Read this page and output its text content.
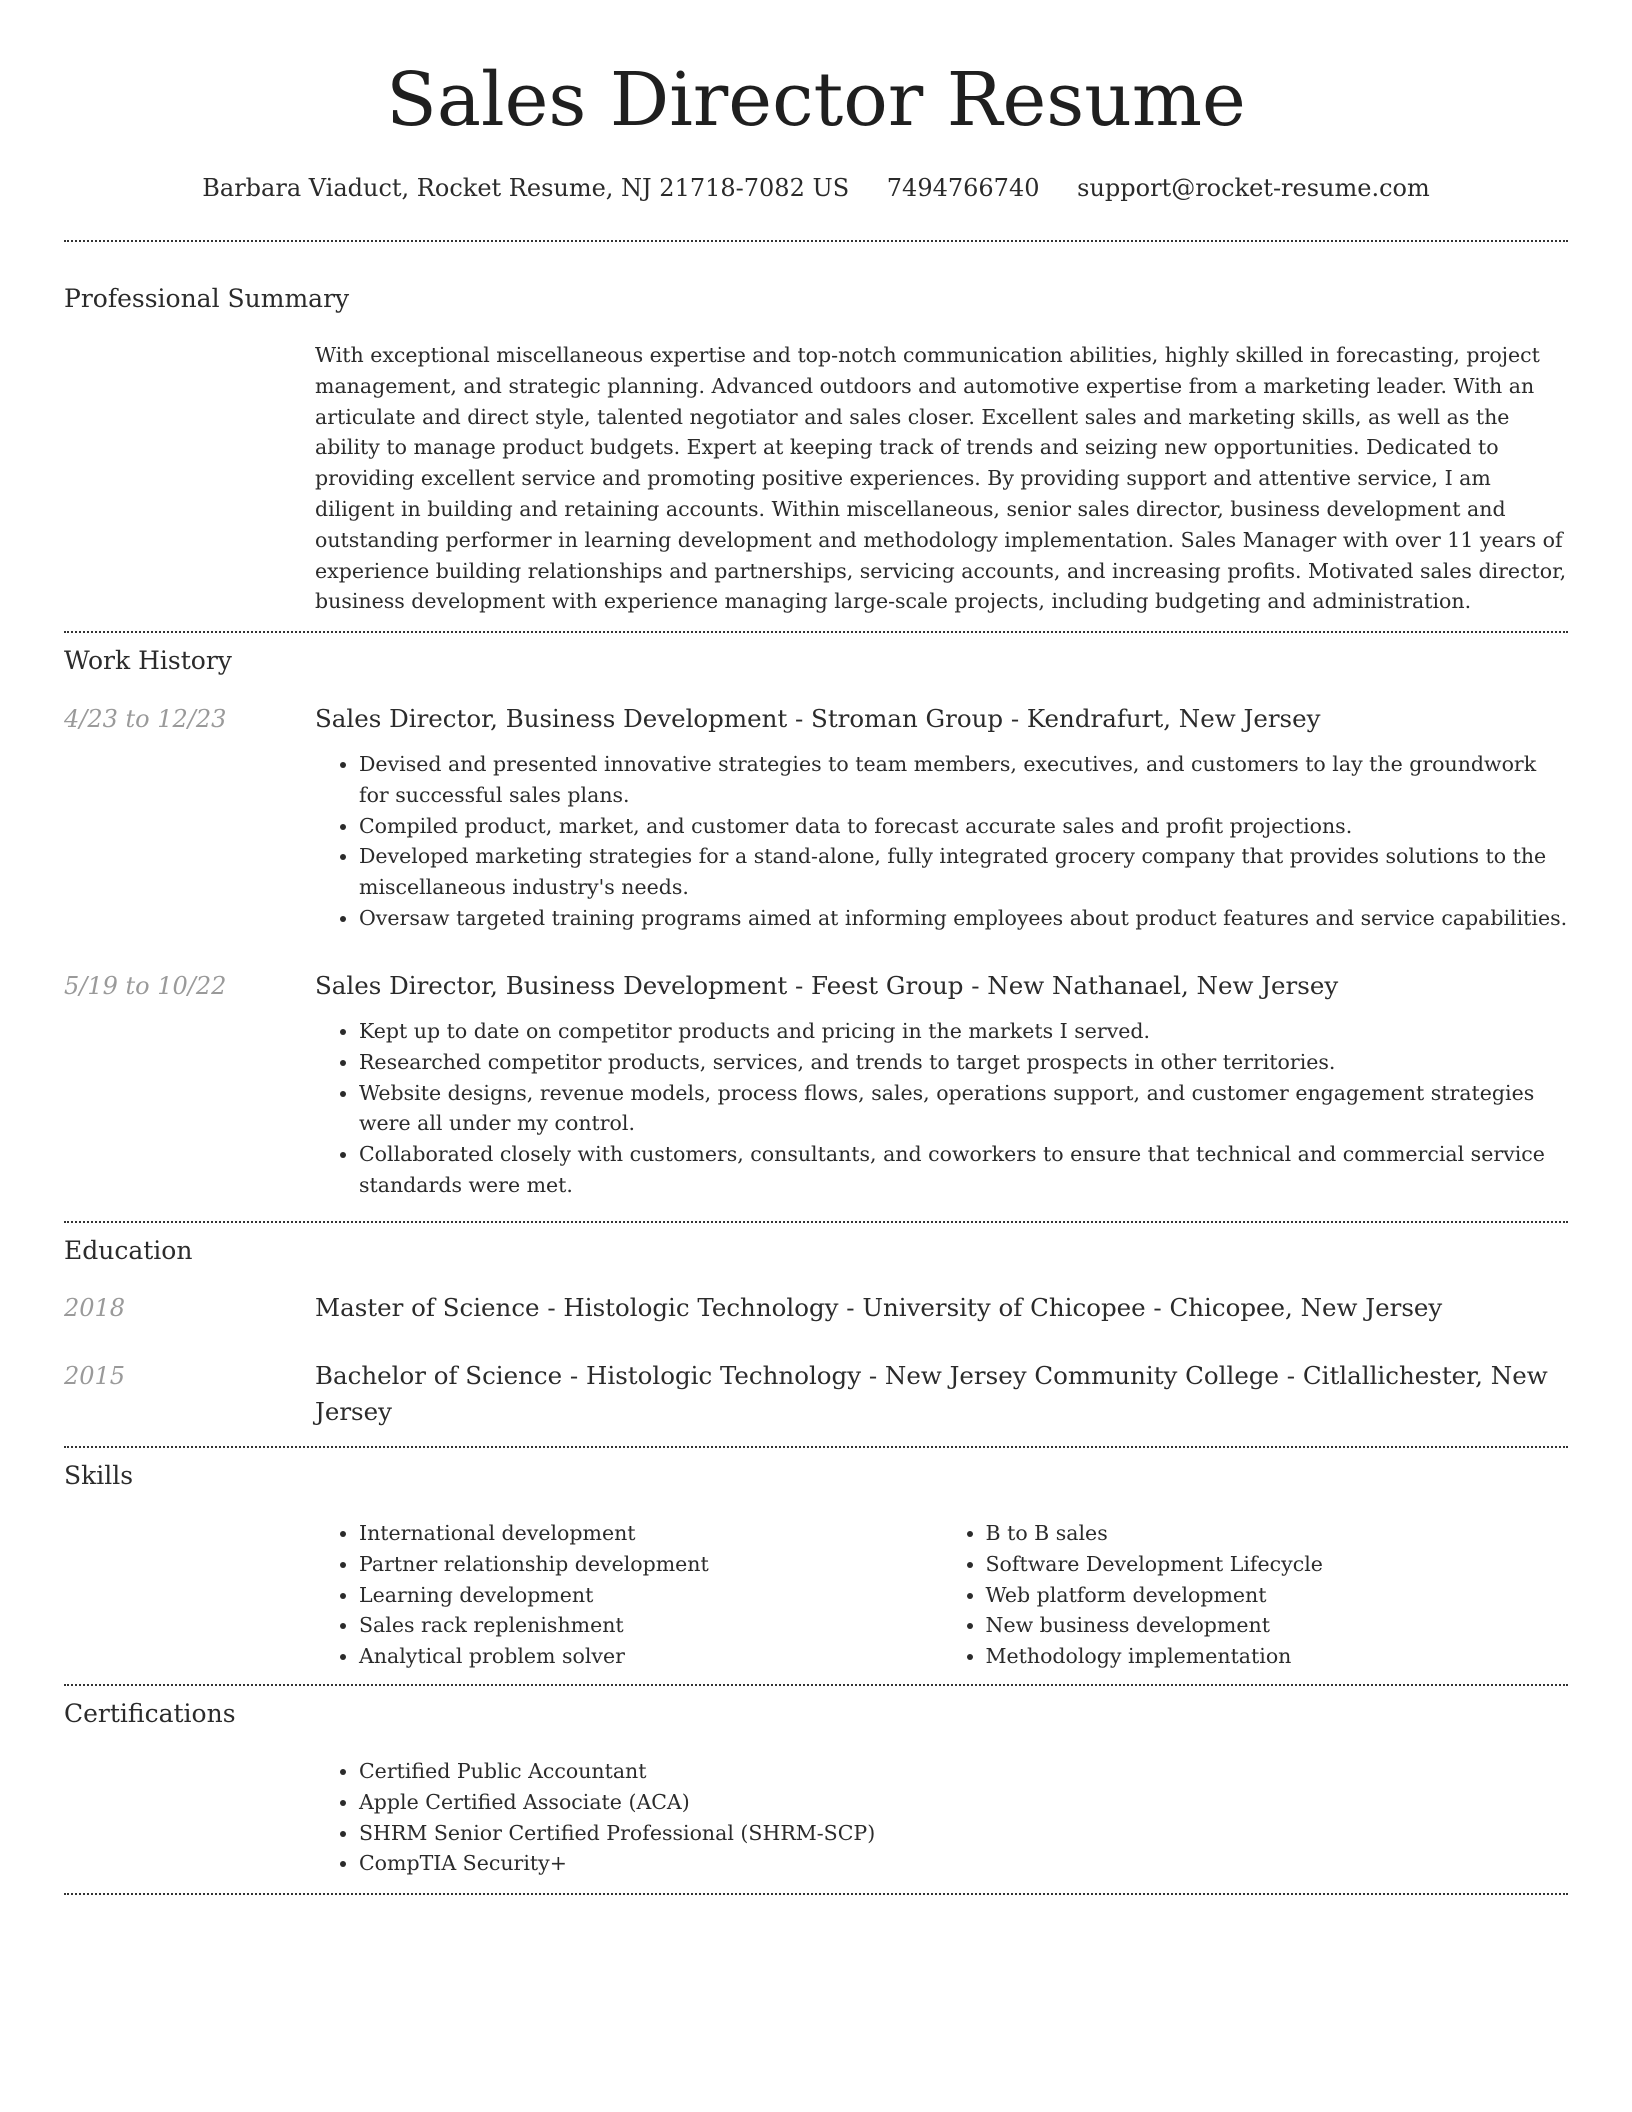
Sales Director Resume
Barbara Viaduct, Rocket Resume, NJ 21718-7082 US 7494766740 support@rocket-resume.com
Professional Summary

With exceptional miscellaneous expertise and top-notch communication abilities, highly skilled in forecasting, project management, and strategic planning. Advanced outdoors and automotive expertise from a marketing leader. With an articulate and direct style, talented negotiator and sales closer. Excellent sales and marketing skills, as well as the ability to manage product budgets. Expert at keeping track of trends and seizing new opportunities. Dedicated to providing excellent service and promoting positive experiences. By providing support and attentive service, I am diligent in building and retaining accounts. Within miscellaneous, senior sales director, business development and outstanding performer in learning development and methodology implementation. Sales Manager with over 11 years of experience building relationships and partnerships, servicing accounts, and increasing profits. Motivated sales director, business development with experience managing large-scale projects, including budgeting and administration.

Work History
4/23 to 12/23	Sales Director, Business Development - Stroman Group - Kendrafurt, New Jersey

• Devised and presented innovative strategies to team members, executives, and customers to lay the groundwork for successful sales plans.
• Compiled product, market, and customer data to forecast accurate sales and profit projections.
• Developed marketing strategies for a stand-alone, fully integrated grocery company that provides solutions to the miscellaneous industry's needs.
• Oversaw targeted training programs aimed at informing employees about product features and service capabilities.
5/19 to 10/22	Sales Director, Business Development - Feest Group - New Nathanael, New Jersey

• Kept up to date on competitor products and pricing in the markets I served.
• Researched competitor products, services, and trends to target prospects in other territories.
• Website designs, revenue models, process flows, sales, operations support, and customer engagement strategies were all under my control.
• Collaborated closely with customers, consultants, and coworkers to ensure that technical and commercial service standards were met.
Education
2018	Master of Science - Histologic Technology - University of Chicopee - Chicopee, New Jersey

2015	Bachelor of Science - Histologic Technology - New Jersey Community College - Citlallichester, New Jersey

Skills
• International development
• Partner relationship development
• Learning development
• Sales rack replenishment
• Analytical problem solver
• B to B sales
• Software Development Lifecycle
• Web platform development
• New business development
• Methodology implementation
Certifications
• Certified Public Accountant
• Apple Certified Associate (ACA)
• SHRM Senior Certified Professional (SHRM-SCP)
• CompTIA Security+
